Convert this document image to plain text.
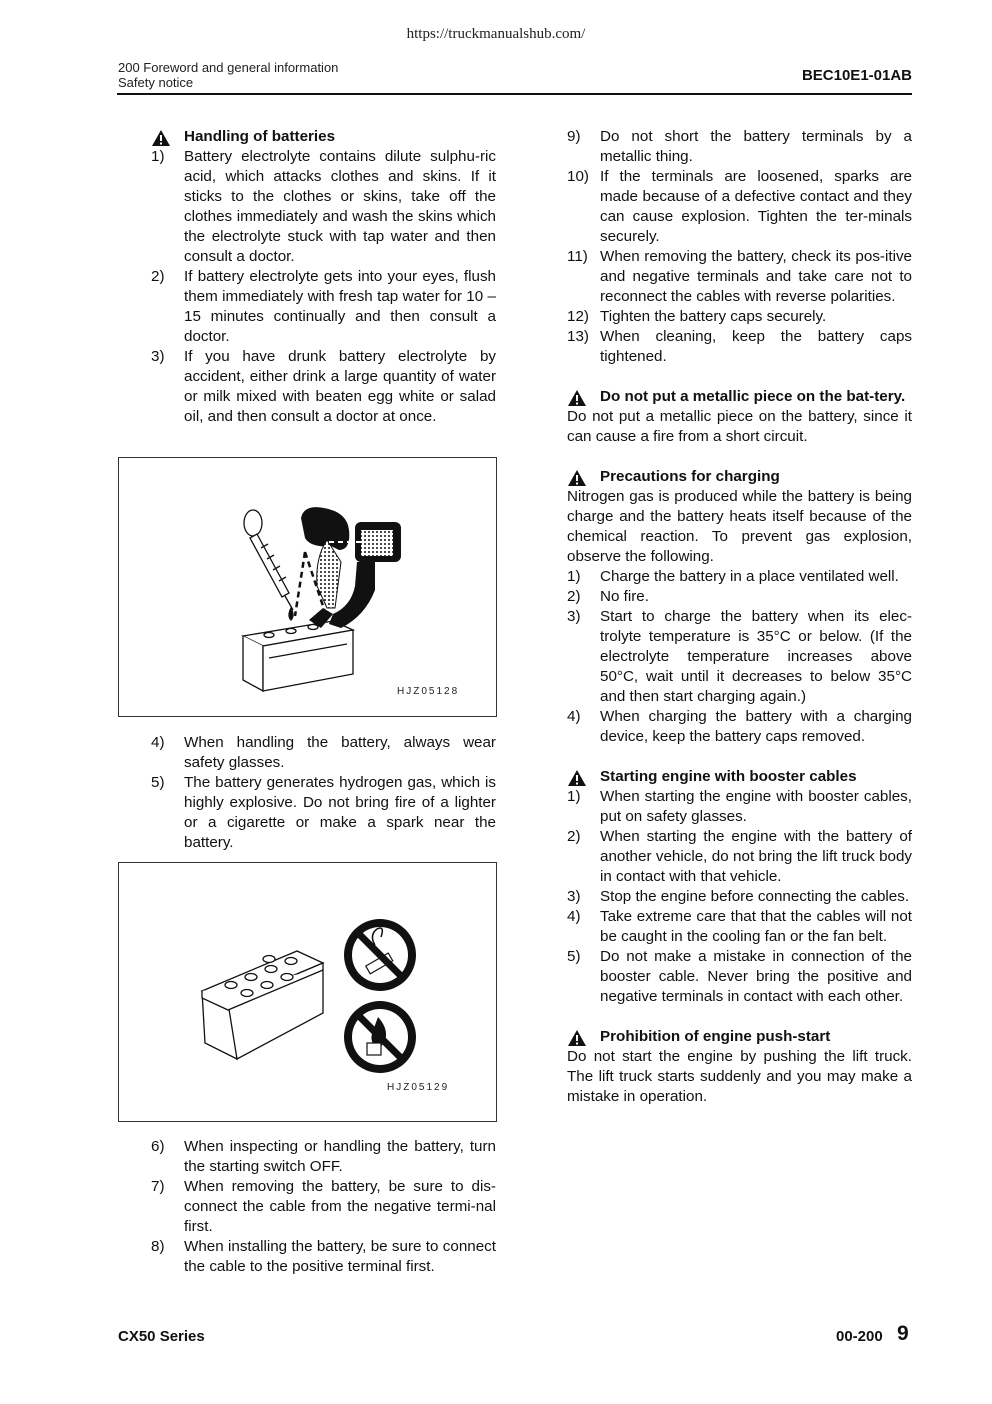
https://truckmanualshub.com/
200 Foreword and general information
Safety notice	BEC10E1-01AB
Handling of batteries
1)	Battery electrolyte contains dilute sulphu-ric acid, which attacks clothes and skins. If it sticks to the clothes or skins, take off the clothes immediately and wash the skins which the electrolyte stuck with tap water and then consult a doctor.
2)	If battery electrolyte gets into your eyes, flush them immediately with fresh tap water for 10 – 15 minutes continually and then consult a doctor.
3)	If you have drunk battery electrolyte by accident, either drink a large quantity of water or milk mixed with beaten egg white or salad oil, and then consult a doctor at once.
HJZ05128
4)	When handling the battery, always wear safety glasses.
5)	The battery generates hydrogen gas, which is highly explosive. Do not bring fire of a lighter or a cigarette or make a spark near the battery.
HJZ05129
6)	When inspecting or handling the battery, turn the starting switch OFF.
7)	When removing the battery, be sure to dis-connect the cable from the negative termi-nal first.
8)	When installing the battery, be sure to connect the cable to the positive terminal first.
9)	Do not short the battery terminals by a metallic thing.
10) If the terminals are loosened, sparks are made because of a defective contact and they can cause explosion. Tighten the ter-minals securely.
11) When removing the battery, check its pos-itive and negative terminals and take care not to reconnect the cables with reverse polarities.
12) Tighten the battery caps securely.
13) When cleaning, keep the battery caps tightened.
Do not put a metallic piece on the bat-tery.
Do not put a metallic piece on the battery, since it can cause a fire from a short circuit.
Precautions for charging
Nitrogen gas is produced while the battery is being charge and the battery heats itself because of the chemical reaction. To prevent gas explosion, observe the following.
1)	Charge the battery in a place ventilated well.
2)	No fire.
3)	Start to charge the battery when its elec-trolyte temperature is 35°C or below. (If the electrolyte temperature increases above 50°C, wait until it decreases to below 35°C and then start charging again.)
4)	When charging the battery with a charging device, keep the battery caps removed.
Starting engine with booster cables
1)	When starting the engine with booster cables, put on safety glasses.
2)	When starting the engine with the battery of another vehicle, do not bring the lift truck body in contact with that vehicle.
3)	Stop the engine before connecting the cables.
4)	Take extreme care that that the cables will not be caught in the cooling fan or the fan belt.
5)	Do not make a mistake in connection of the booster cable. Never bring the positive and negative terminals in contact with each other.
Prohibition of engine push-start
Do not start the engine by pushing the lift truck. The lift truck starts suddenly and you may make a mistake in operation.
CX50 Series	00-200 9
